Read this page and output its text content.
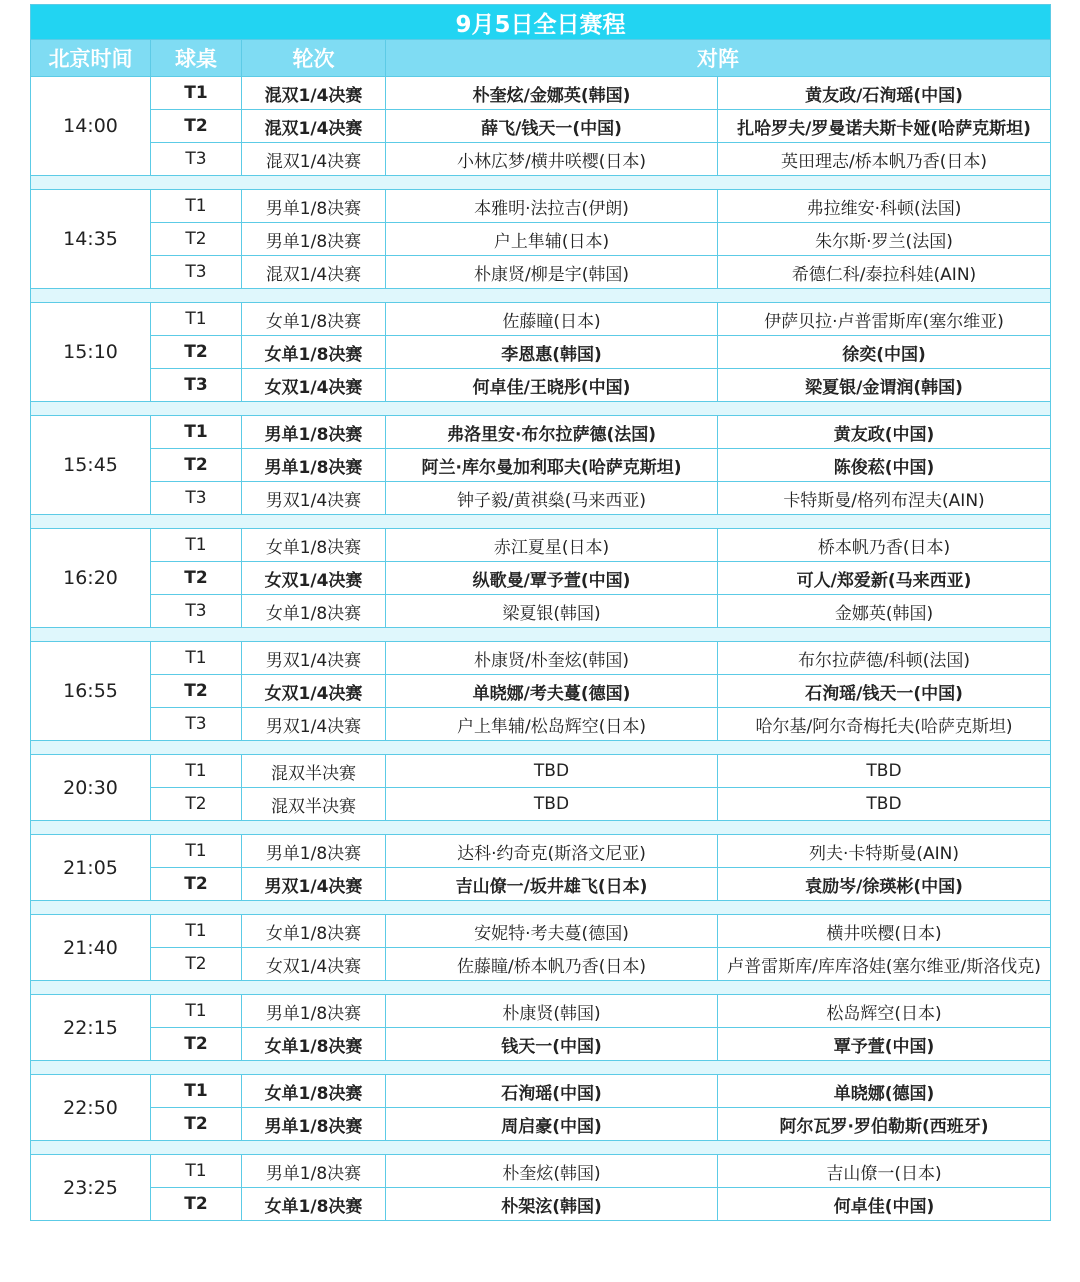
9月5日全日赛程				
北京时间	球桌	轮次	对阵	
14:00	T1	混双1/4决赛	朴奎炫/金娜英(韩国)	黄友政/石洵瑶(中国)
	T2	混双1/4决赛	薛飞/钱天一(中国)	扎哈罗夫/罗曼诺夫斯卡娅(哈萨克斯坦)
	T3	混双1/4决赛	小林広梦/横井咲樱(日本)	英田理志/桥本帆乃香(日本)

14:35	T1	男单1/8决赛	本雅明·法拉吉(伊朗)	弗拉维安·科顿(法国)
	T2	男单1/8决赛	户上隼辅(日本)	朱尔斯·罗兰(法国)
	T3	混双1/4决赛	朴康贤/柳是宇(韩国)	希德仁科/泰拉科娃(AIN)

15:10	T1	女单1/8决赛	佐藤瞳(日本)	伊萨贝拉·卢普雷斯库(塞尔维亚)
	T2	女单1/8决赛	李恩惠(韩国)	徐奕(中国)
	T3	女双1/4决赛	何卓佳/王晓彤(中国)	梁夏银/金谓润(韩国)

15:45	T1	男单1/8决赛	弗洛里安·布尔拉萨德(法国)	黄友政(中国)
	T2	男单1/8决赛	阿兰·库尔曼加利耶夫(哈萨克斯坦)	陈俊菘(中国)
	T3	男双1/4决赛	钟子毅/黄祺燊(马来西亚)	卡特斯曼/格列布涅夫(AIN)

16:20	T1	女单1/8决赛	赤江夏星(日本)	桥本帆乃香(日本)
	T2	女双1/4决赛	纵歌曼/覃予萱(中国)	可人/郑爱新(马来西亚)
	T3	女单1/8决赛	梁夏银(韩国)	金娜英(韩国)

16:55	T1	男双1/4决赛	朴康贤/朴奎炫(韩国)	布尔拉萨德/科顿(法国)
	T2	女双1/4决赛	单晓娜/考夫蔓(德国)	石洵瑶/钱天一(中国)
	T3	男双1/4决赛	户上隼辅/松岛辉空(日本)	哈尔基/阿尔奇梅托夫(哈萨克斯坦)

20:30	T1	混双半决赛	TBD	TBD
	T2	混双半决赛	TBD	TBD

21:05	T1	男单1/8决赛	达科·约奇克(斯洛文尼亚)	列夫·卡特斯曼(AIN)
	T2	男双1/4决赛	吉山僚一/坂井雄飞(日本)	袁励岑/徐瑛彬(中国)

21:40	T1	女单1/8决赛	安妮特·考夫蔓(德国)	横井咲樱(日本)
	T2	女双1/4决赛	佐藤瞳/桥本帆乃香(日本)	卢普雷斯库/库库洛娃(塞尔维亚/斯洛伐克)

22:15	T1	男单1/8决赛	朴康贤(韩国)	松岛辉空(日本)
	T2	女单1/8决赛	钱天一(中国)	覃予萱(中国)

22:50	T1	女单1/8决赛	石洵瑶(中国)	单晓娜(德国)
	T2	男单1/8决赛	周启豪(中国)	阿尔瓦罗·罗伯勒斯(西班牙)

23:25	T1	男单1/8决赛	朴奎炫(韩国)	吉山僚一(日本)
	T2	女单1/8决赛	朴架泫(韩国)	何卓佳(中国)
